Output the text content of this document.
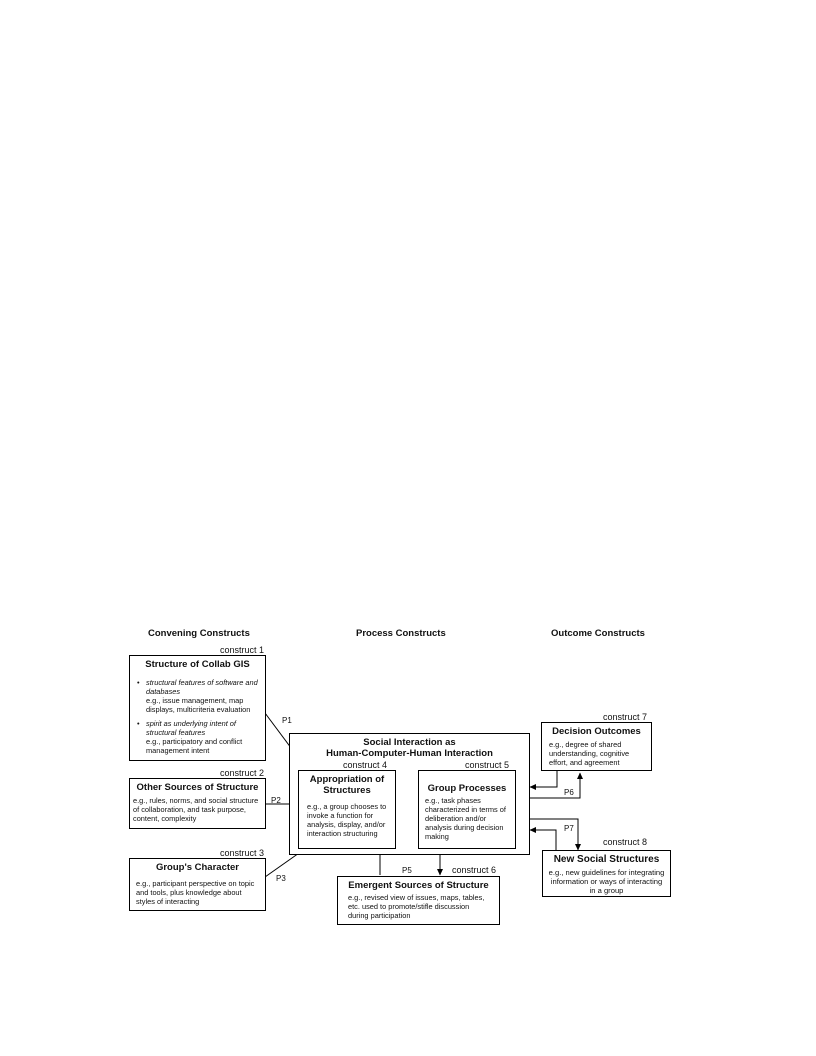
Convening Constructs	Process Constructs	Outcome Constructs
P1
P2
P3
P5
P6
P7
construct 1
Structure of Collab GIS
• structural features of software and databases
e.g., issue management, map displays, multicriteria evaluation
• spirit as underlying intent of structural features
e.g., participatory and conflict management intent
construct 2
Other Sources of Structure
e.g., rules, norms, and social structure of collaboration, and task purpose, content, complexity
construct 3
Group's Character
e.g., participant perspective on topic and tools, plus knowledge about styles of interacting
Social Interaction as
Human-Computer-Human Interaction
construct 4
Appropriation of
Structures
e.g., a group chooses to invoke a function for analysis, display, and/or interaction structuring
construct 5
Group Processes
e.g., task phases characterized in terms of deliberation and/or analysis during decision making
construct 6
Emergent Sources of Structure
e.g., revised view of issues, maps, tables, etc. used to promote/stifle discussion during participation
construct 7
Decision Outcomes
e.g., degree of shared understanding, cognitive effort, and agreement
construct 8
New Social Structures
e.g., new guidelines for integrating information or ways of interacting in a group
